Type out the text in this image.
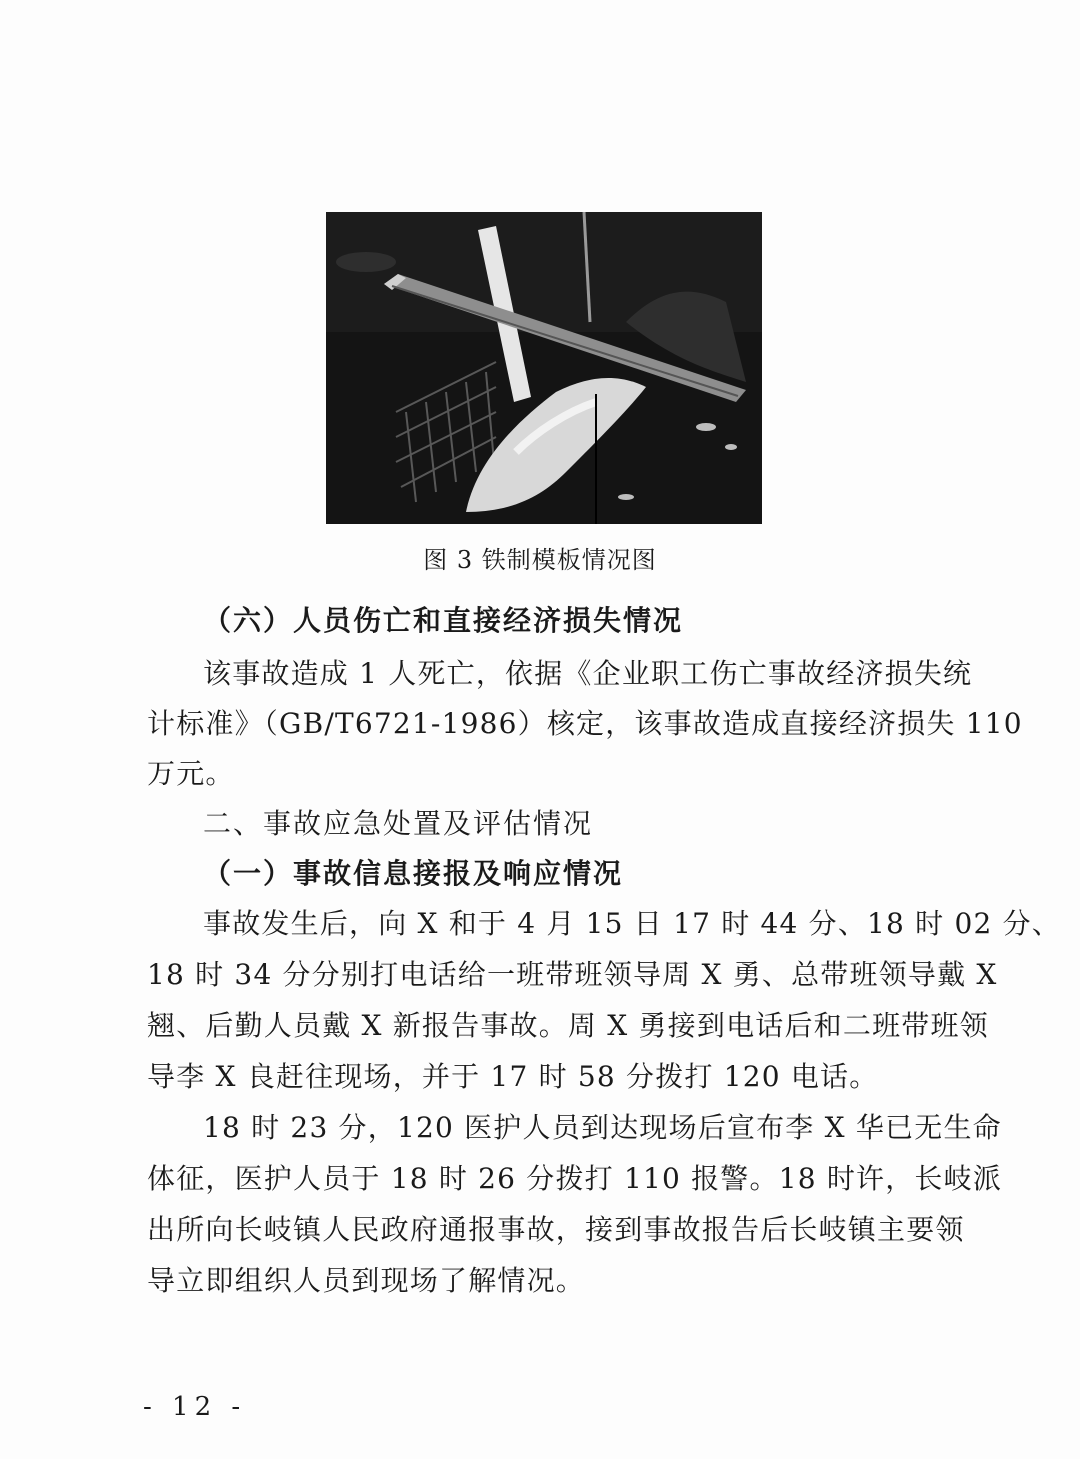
图 3 铁制模板情况图
（六）人员伤亡和直接经济损失情况
该事故造成 1 人死亡，依据《企业职工伤亡事故经济损失统
计标准》（GB/T6721-1986）核定，该事故造成直接经济损失 110
万元。
二、事故应急处置及评估情况
（一）事故信息接报及响应情况
事故发生后，向 X 和于 4 月 15 日 17 时 44 分、18 时 02 分、
18 时 34 分分别打电话给一班带班领导周 X 勇、总带班领导戴 X
翘、后勤人员戴 X 新报告事故。周 X 勇接到电话后和二班带班领
导李 X 良赶往现场，并于 17 时 58 分拨打 120 电话。
18 时 23 分，120 医护人员到达现场后宣布李 X 华已无生命
体征，医护人员于 18 时 26 分拨打 110 报警。18 时许，长岐派
出所向长岐镇人民政府通报事故，接到事故报告后长岐镇主要领
导立即组织人员到现场了解情况。
- 12 -
